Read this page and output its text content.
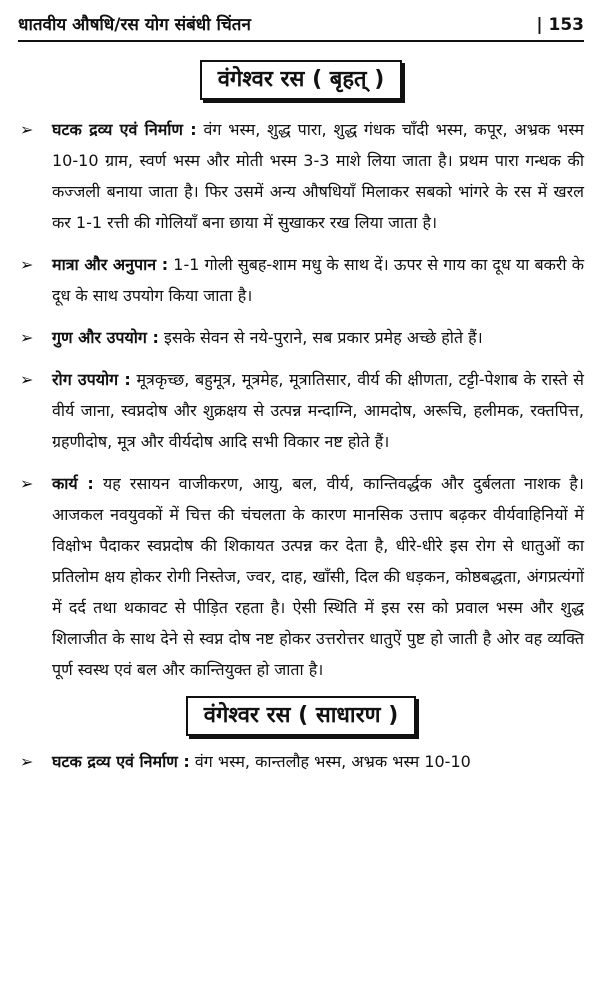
धातवीय औषधि/रस योग संबंधी चिंतन	| 153
वंगेश्वर रस ( बृहत् )
➢ घटक द्रव्य एवं निर्माण : वंग भस्म, शुद्ध पारा, शुद्ध गंधक चाँदी भस्म, कपूर, अभ्रक भस्म 10-10 ग्राम, स्वर्ण भस्म और मोती भस्म 3-3 माशे लिया जाता है। प्रथम पारा गन्धक की कज्जली बनाया जाता है। फिर उसमें अन्य औषधियाँ मिलाकर सबको भांगरे के रस में खरल कर 1-1 रत्ती की गोलियाँ बना छाया में सुखाकर रख लिया जाता है।
➢ मात्रा और अनुपान : 1-1 गोली सुबह-शाम मधु के साथ दें। ऊपर से गाय का दूध या बकरी के दूध के साथ उपयोग किया जाता है।
➢ गुण और उपयोग : इसके सेवन से नये-पुराने, सब प्रकार प्रमेह अच्छे होते हैं।
➢ रोग उपयोग : मूत्रकृच्छ, बहुमूत्र, मूत्रमेह, मूत्रातिसार, वीर्य की क्षीणता, टट्टी-पेशाब के रास्ते से वीर्य जाना, स्वप्नदोष और शुक्रक्षय से उत्पन्न मन्दाग्नि, आमदोष, अरूचि, हलीमक, रक्तपित्त, ग्रहणीदोष, मूत्र और वीर्यदोष आदि सभी विकार नष्ट होते हैं।
➢ कार्य : यह रसायन वाजीकरण, आयु, बल, वीर्य, कान्तिवर्द्धक और दुर्बलता नाशक है। आजकल नवयुवकों में चित्त की चंचलता के कारण मानसिक उत्ताप बढ़कर वीर्यवाहिनियों में विक्षोभ पैदाकर स्वप्नदोष की शिकायत उत्पन्न कर देता है, धीरे-धीरे इस रोग से धातुओं का प्रतिलोम क्षय होकर रोगी निस्तेज, ज्वर, दाह, खाँसी, दिल की धड़कन, कोष्ठबद्धता, अंगप्रत्यंगों में दर्द तथा थकावट से पीड़ित रहता है। ऐसी स्थिति में इस रस को प्रवाल भस्म और शुद्ध शिलाजीत के साथ देने से स्वप्न दोष नष्ट होकर उत्तरोत्तर धातुऐं पुष्ट हो जाती है ओर वह व्यक्ति पूर्ण स्वस्थ एवं बल और कान्तियुक्त हो जाता है।
वंगेश्वर रस ( साधारण )
➢ घटक द्रव्य एवं निर्माण : वंग भस्म, कान्तलौह भस्म, अभ्रक भस्म 10-10
